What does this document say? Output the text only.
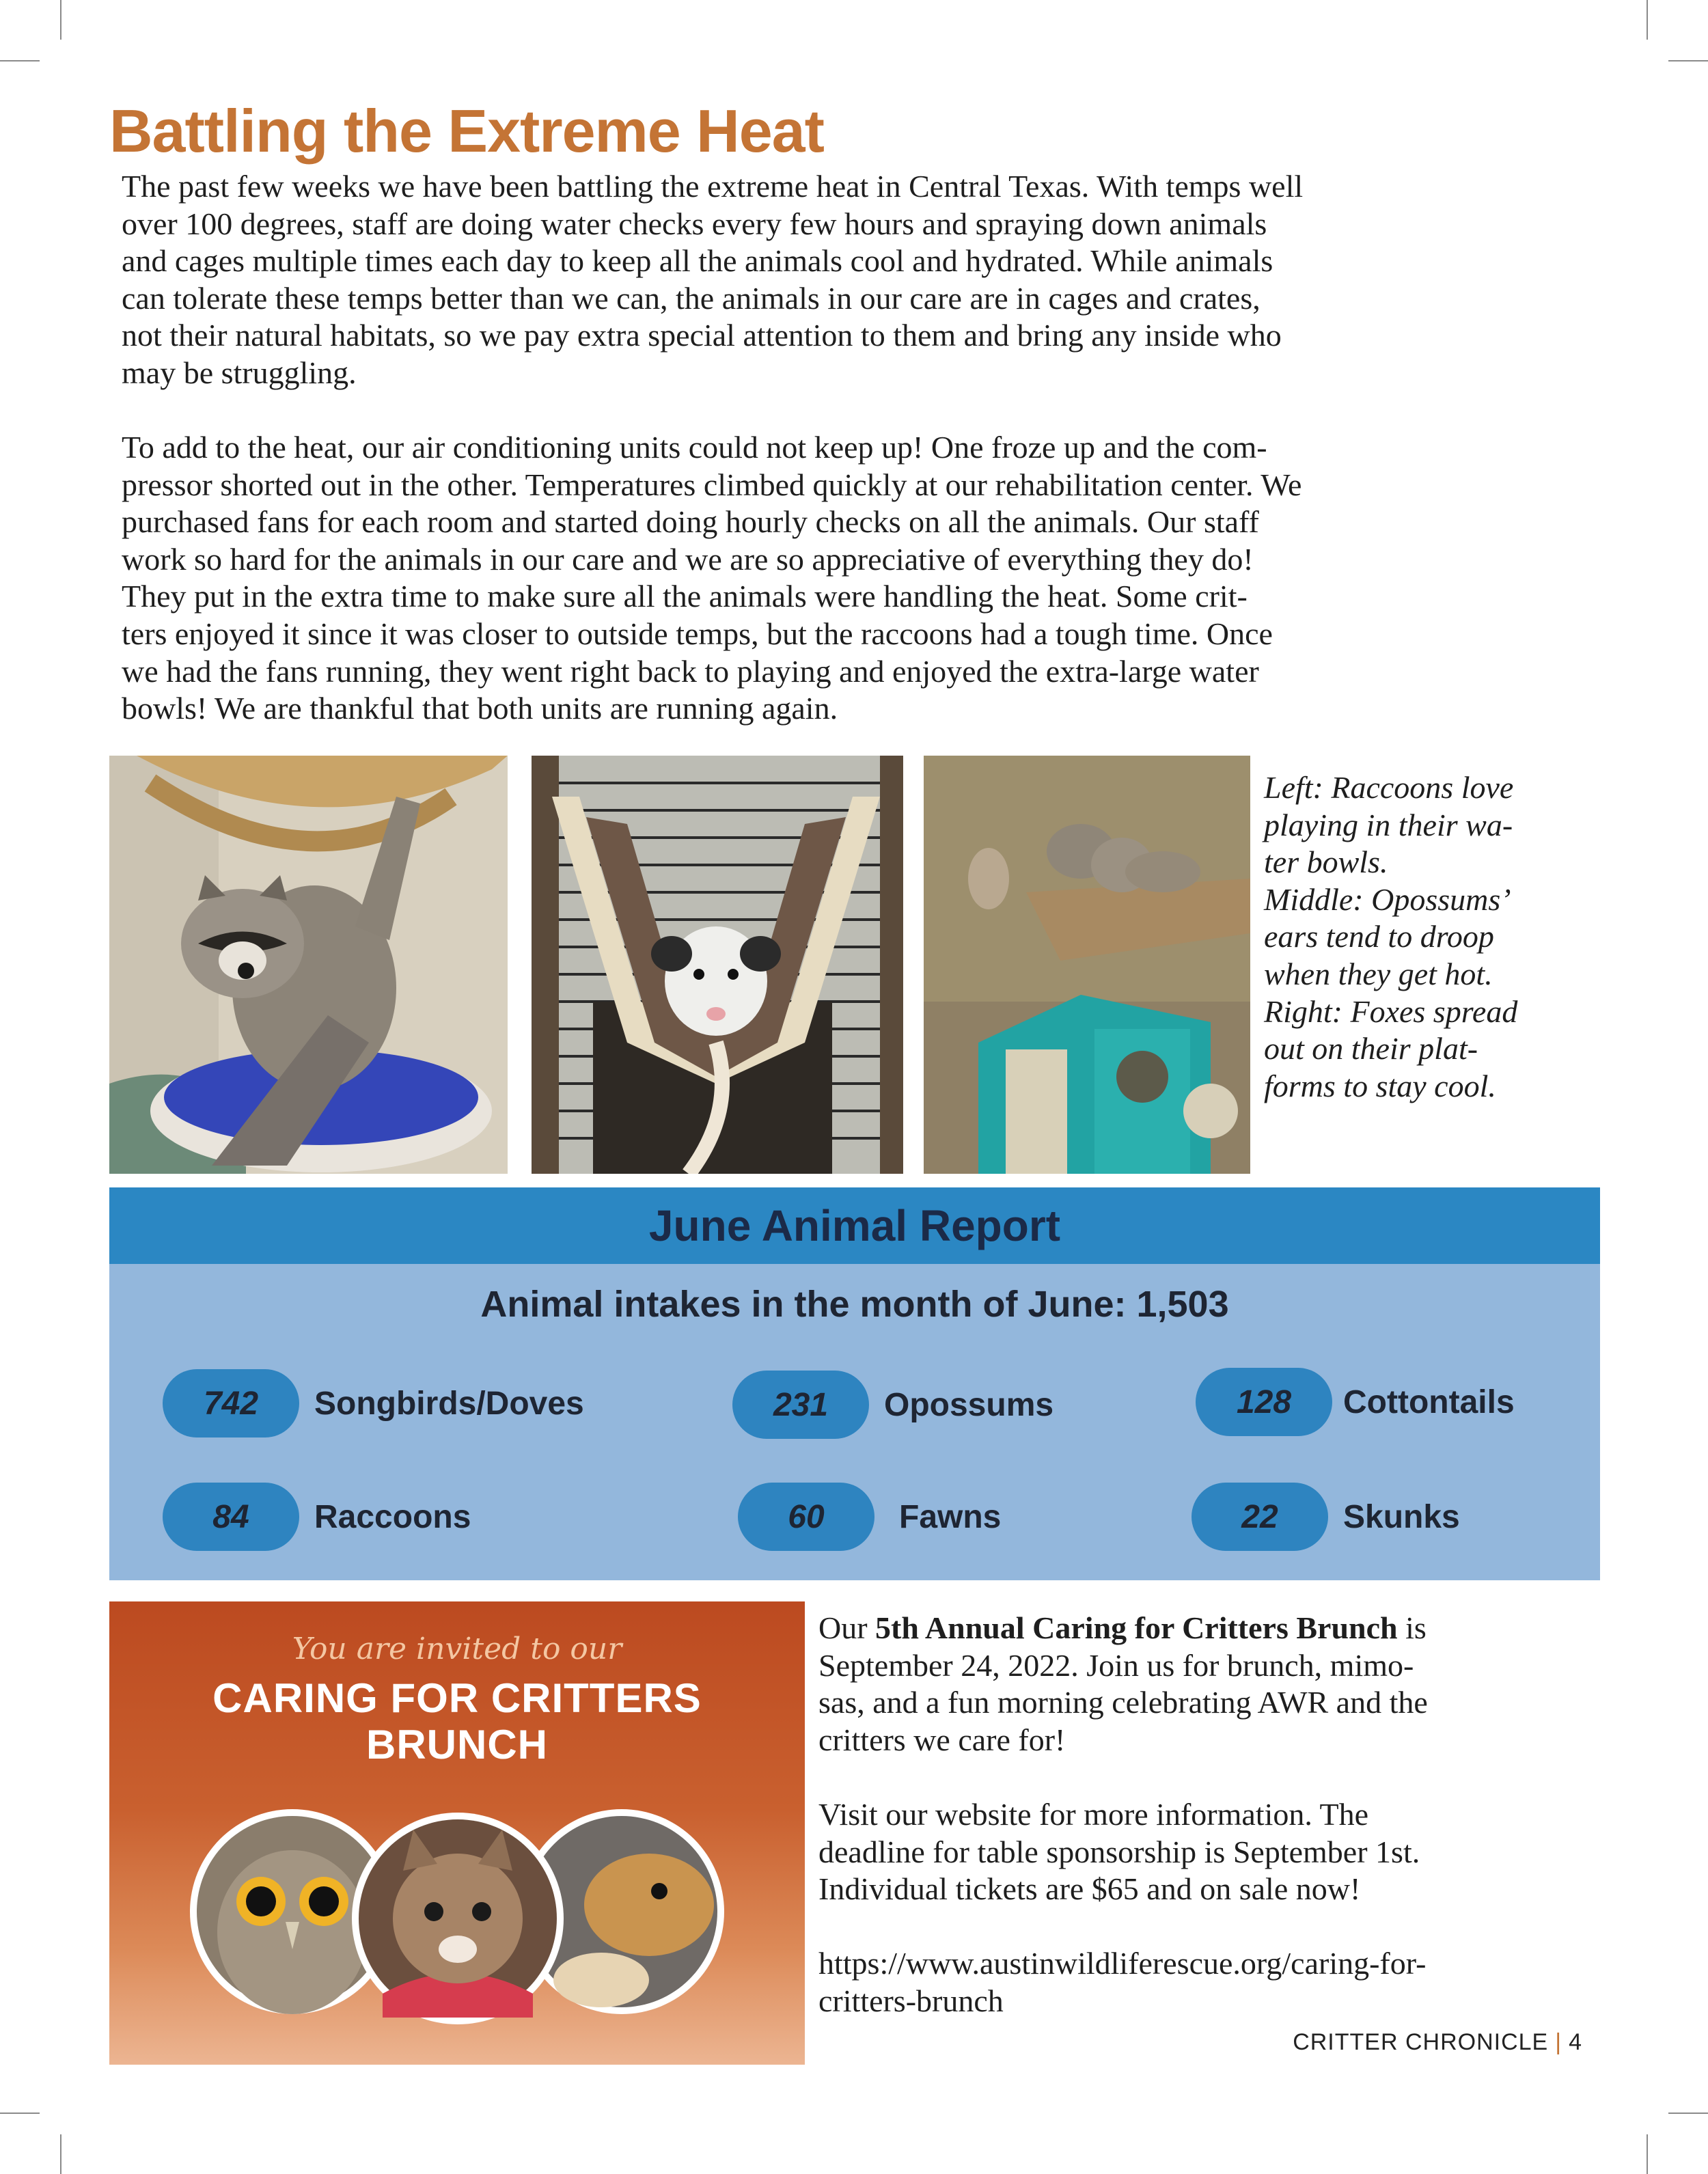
Battling the Extreme Heat

The past few weeks we have been battling the extreme heat in Central Texas. With temps well
over 100 degrees, staff are doing water checks every few hours and spraying down animals
and cages multiple times each day to keep all the animals cool and hydrated. While animals
can tolerate these temps better than we can, the animals in our care are in cages and crates,
not their natural habitats, so we pay extra special attention to them and bring any inside who
may be struggling.

To add to the heat, our air conditioning units could not keep up! One froze up and the com-
pressor shorted out in the other. Temperatures climbed quickly at our rehabilitation center. We
purchased fans for each room and started doing hourly checks on all the animals. Our staff
work so hard for the animals in our care and we are so appreciative of everything they do!
They put in the extra time to make sure all the animals were handling the heat. Some crit-
ters enjoyed it since it was closer to outside temps, but the raccoons had a tough time. Once
we had the fans running, they went right back to playing and enjoyed the extra-large water
bowls! We are thankful that both units are running again.

Left: Raccoons love
playing in their wa-
ter bowls.
Middle: Opossums’
ears tend to droop
when they get hot.
Right: Foxes spread
out on their plat-
forms to stay cool.

June Animal Report
Animal intakes in the month of June: 1,503
742	Songbirds/Doves	231	Opossums	128	Cottontails
84	Raccoons	60	Fawns	22	Skunks
You are invited to our
CARING FOR CRITTERS
BRUNCH

Our 5th Annual Caring for Critters Brunch is
September 24, 2022. Join us for brunch, mimo-
sas, and a fun morning celebrating AWR and the
critters we care for!

Visit our website for more information. The
deadline for table sponsorship is September 1st.
Individual tickets are $65 and on sale now!

https://www.austinwildliferescue.org/caring-for-
critters-brunch

CRITTER CHRONICLE | 4
